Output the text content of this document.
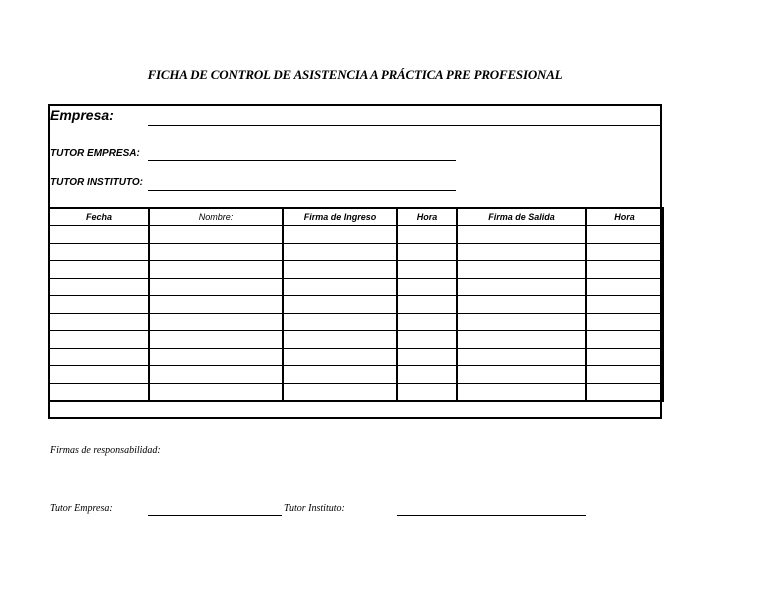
FICHA DE CONTROL DE ASISTENCIA A PRÁCTICA PRE PROFESIONAL
Empresa:
TUTOR EMPRESA:
TUTOR INSTITUTO:
Fecha	Nombre:	Firma de Ingreso	Hora	Firma de Salida	Hora

Firmas de responsabilidad:
Tutor Empresa:	Tutor Instituto:
